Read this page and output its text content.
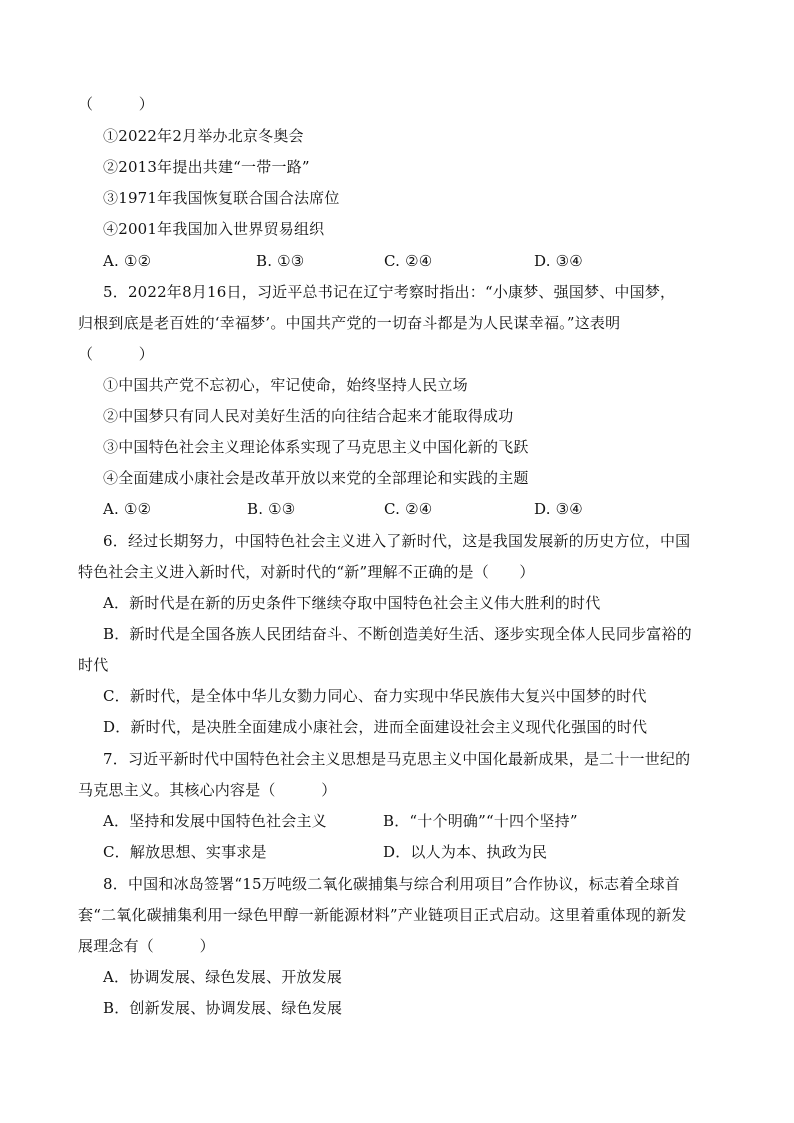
（　　　）
①2022年2月举办北京冬奥会
②2013年提出共建“一带一路”
③1971年我国恢复联合国合法席位
④2001年我国加入世界贸易组织
A. ①②	B. ①③	C. ②④	D. ③④
5．2022年8月16日，习近平总书记在辽宁考察时指出：“小康梦、强国梦、中国梦，
归根到底是老百姓的‘幸福梦’。中国共产党的一切奋斗都是为人民谋幸福。”这表明
（　　　）
①中国共产党不忘初心，牢记使命，始终坚持人民立场
②中国梦只有同人民对美好生活的向往结合起来才能取得成功
③中国特色社会主义理论体系实现了马克思主义中国化新的飞跃
④全面建成小康社会是改革开放以来党的全部理论和实践的主题
A. ①②	B. ①③	C. ②④	D. ③④
6．经过长期努力，中国特色社会主义进入了新时代，这是我国发展新的历史方位，中国
特色社会主义进入新时代，对新时代的“新”理解不正确的是（　　）
A．新时代是在新的历史条件下继续夺取中国特色社会主义伟大胜利的时代
B．新时代是全国各族人民团结奋斗、不断创造美好生活、逐步实现全体人民同步富裕的
时代
C．新时代，是全体中华儿女勠力同心、奋力实现中华民族伟大复兴中国梦的时代
D．新时代，是决胜全面建成小康社会，进而全面建设社会主义现代化强国的时代
7．习近平新时代中国特色社会主义思想是马克思主义中国化最新成果，是二十一世纪的
马克思主义。其核心内容是（　　　）
A．坚持和发展中国特色社会主义	B．“十个明确”“十四个坚持”
C．解放思想、实事求是	D．以人为本、执政为民
8．中国和冰岛签署“15万吨级二氧化碳捕集与综合利用项目”合作协议，标志着全球首
套“二氧化碳捕集利用一绿色甲醇一新能源材料”产业链项目正式启动。这里着重体现的新发
展理念有（　　　）
A．协调发展、绿色发展、开放发展
B．创新发展、协调发展、绿色发展
